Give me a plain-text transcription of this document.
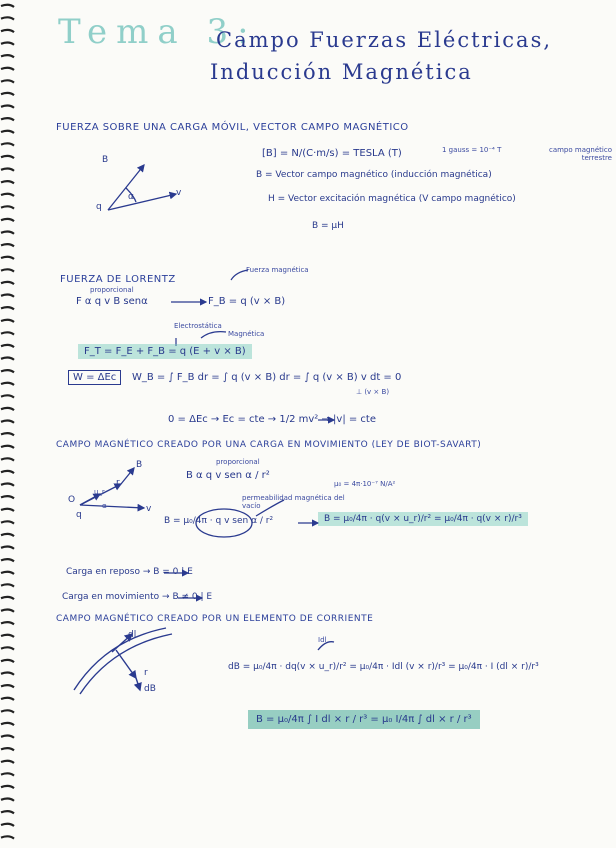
Tema 3:
Campo Fuerzas Eléctricas,
Inducción Magnética
FUERZA SOBRE UNA CARGA MÓVIL, VECTOR CAMPO MAGNÉTICO
B
α
q
v
[B] = N/(C·m/s) = TESLA (T)	1 gauss = 10⁻⁴ T	campo magnético terrestre
B = Vector campo magnético (inducción magnética)
H = Vector excitación magnética (V campo magnético)
B = μH
FUERZA DE LORENTZ
proporcional
F α q v B senα
Fuerza magnética
F_B = q (v × B)
Electrostática
Magnética
F_T = F_E + F_B = q (E + v × B)
W = ΔEc	W_B = ∫ F_B dr = ∫ q (v × B) dr = ∫ q (v × B) v dt = 0
⊥ (v × B)
0 = ΔEc → Ec = cte → 1/2 mv² → |v| = cte
CAMPO MAGNÉTICO CREADO POR UNA CARGA EN MOVIMIENTO (LEY DE BIOT-SAVART)
proporcional
B α q v sen α / r²
μ₀ = 4π·10⁻⁷ N/A²
permeabilidad magnética del vacío
B
r
u_r
α
O
q
v
B = μ₀/4π · q v sen α / r²	B = μ₀/4π · q(v × u_r)/r² = μ₀/4π · q(v × r)/r³
Carga en reposo → B = 0 | E
Carga en movimiento → B ≠ 0 | E
CAMPO MAGNÉTICO CREADO POR UN ELEMENTO DE CORRIENTE
Idl
dl
r
dB
dB = μ₀/4π · dq(v × u_r)/r² = μ₀/4π · Idl (v × r)/r³ = μ₀/4π · I (dl × r)/r³
B = μ₀/4π ∫ I dl × r / r³ = μ₀ I/4π ∫ dl × r / r³
